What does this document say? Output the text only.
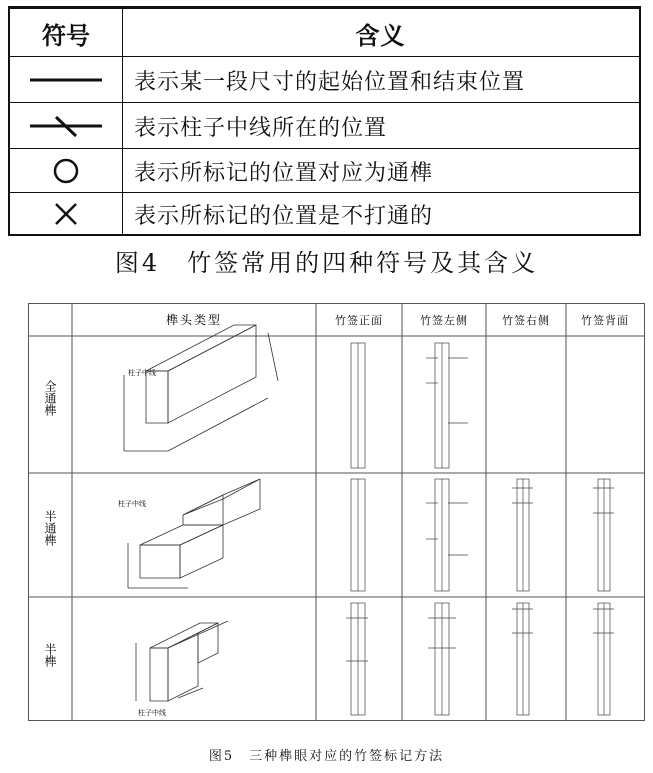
符号	含义
表示某一段尺寸的起始位置和结束位置
表示柱子中线所在的位置
表示所标记的位置对应为通榫
表示所标记的位置是不打通的
图4　竹签常用的四种符号及其含义
榫头类型	竹签正面	竹签左侧	竹签右侧	竹签背面
全通榫
半通榫
半榫
柱子中线
柱子中线
柱子中线
图5　三种榫眼对应的竹签标记方法
